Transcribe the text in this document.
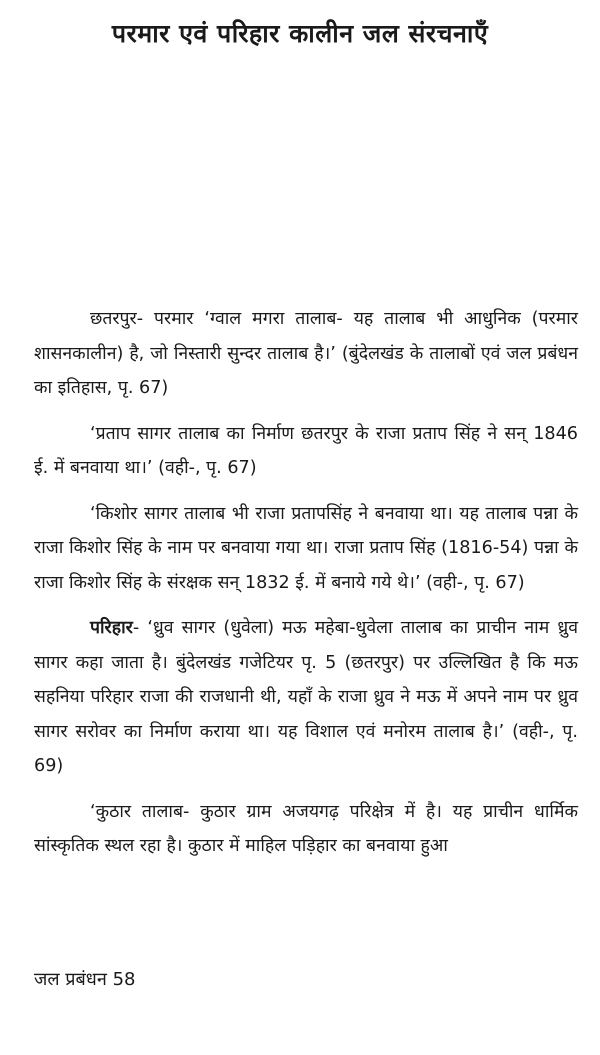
परमार एवं परिहार कालीन जल संरचनाएँ

छतरपुर- परमार ‘ग्वाल मगरा तालाब- यह तालाब भी आधुनिक (परमार शासनकालीन) है, जो निस्तारी सुन्दर तालाब है।’ (बुंदेलखंड के तालाबों एवं जल प्रबंधन का इतिहास, पृ. 67)

‘प्रताप सागर तालाब का निर्माण छतरपुर के राजा प्रताप सिंह ने सन् 1846 ई. में बनवाया था।’ (वही-, पृ. 67)

‘किशोर सागर तालाब भी राजा प्रतापसिंह ने बनवाया था। यह तालाब पन्ना के राजा किशोर सिंह के नाम पर बनवाया गया था। राजा प्रताप सिंह (1816-54) पन्ना के राजा किशोर सिंह के संरक्षक सन् 1832 ई. में बनाये गये थे।’ (वही-, पृ. 67)

परिहार- ‘ध्रुव सागर (धुवेला) मऊ महेबा-धुवेला तालाब का प्राचीन नाम ध्रुव सागर कहा जाता है। बुंदेलखंड गजेटियर पृ. 5 (छतरपुर) पर उल्लिखित है कि मऊ सहनिया परिहार राजा की राजधानी थी, यहाँ के राजा ध्रुव ने मऊ में अपने नाम पर ध्रुव सागर सरोवर का निर्माण कराया था। यह विशाल एवं मनोरम तालाब है।’ (वही-, पृ. 69)

‘कुठार तालाब- कुठार ग्राम अजयगढ़ परिक्षेत्र में है। यह प्राचीन धार्मिक सांस्कृतिक स्थल रहा है। कुठार में माहिल पड़िहार का बनवाया हुआ

जल प्रबंधन 58
